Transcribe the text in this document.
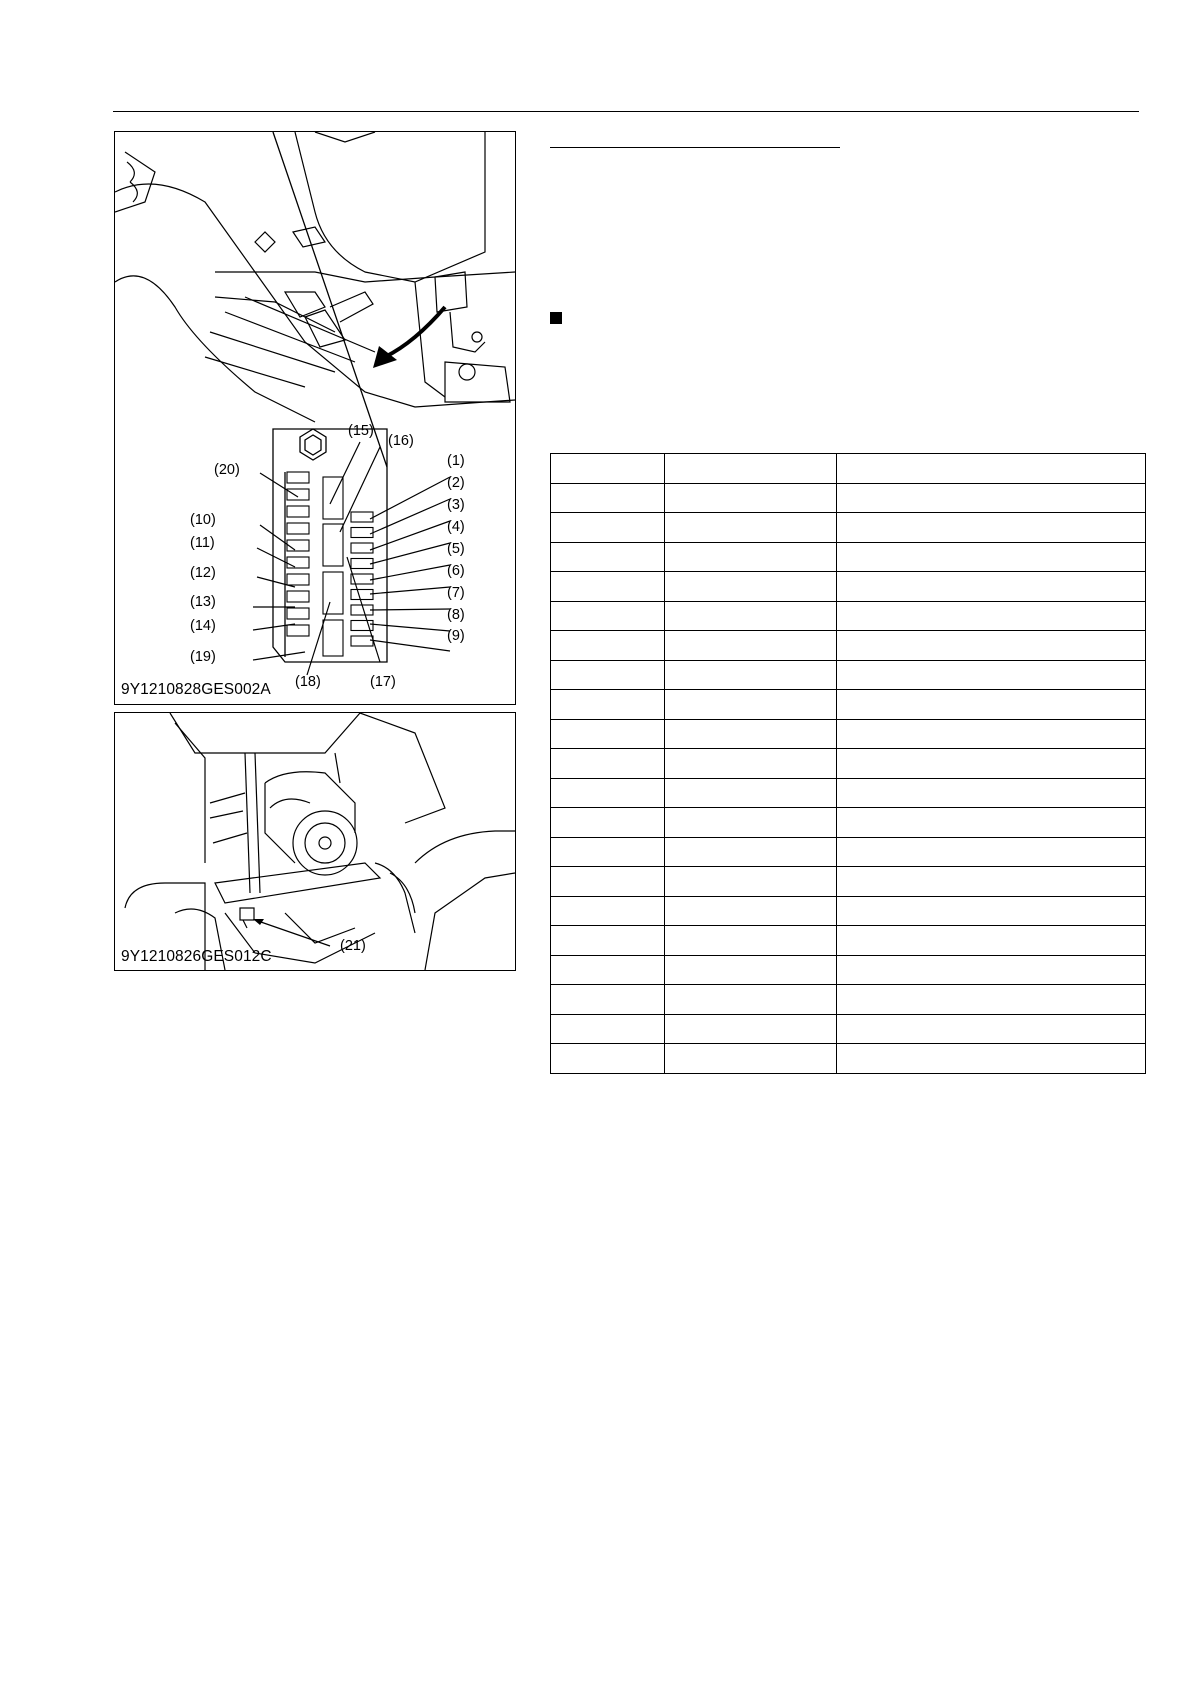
(15)
(16)
(1)
(20)
(2)
(3)
(10)	(4)
(11)	(5)
(12)	(6)
(7)
(13)
(8)
(14)
(9)
(19)
(18)	(17)
9Y1210828GES002A
(21)
9Y1210826GES012C
